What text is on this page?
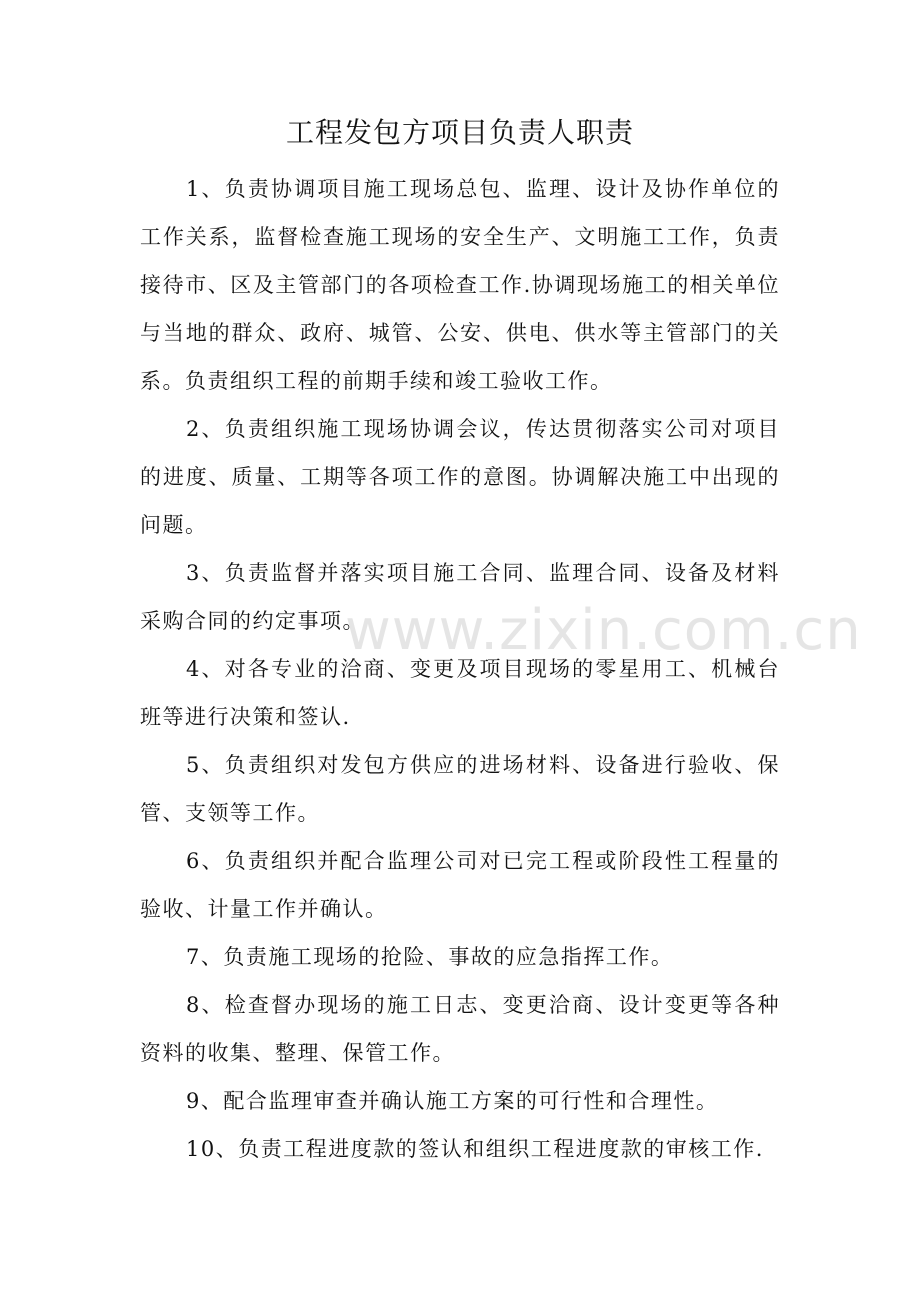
工程发包方项目负责人职责

1、负责协调项目施工现场总包、监理、设计及协作单位的工作关系，监督检查施工现场的安全生产、文明施工工作，负责接待市、区及主管部门的各项检查工作.协调现场施工的相关单位与当地的群众、政府、城管、公安、供电、供水等主管部门的关系。负责组织工程的前期手续和竣工验收工作。

2、负责组织施工现场协调会议，传达贯彻落实公司对项目的进度、质量、工期等各项工作的意图。协调解决施工中出现的问题。

3、负责监督并落实项目施工合同、监理合同、设备及材料采购合同的约定事项。

4、对各专业的洽商、变更及项目现场的零星用工、机械台班等进行决策和签认.

5、负责组织对发包方供应的进场材料、设备进行验收、保管、支领等工作。

6、负责组织并配合监理公司对已完工程或阶段性工程量的验收、计量工作并确认。

7、负责施工现场的抢险、事故的应急指挥工作。

8、检查督办现场的施工日志、变更洽商、设计变更等各种资料的收集、整理、保管工作。

9、配合监理审查并确认施工方案的可行性和合理性。

10、负责工程进度款的签认和组织工程进度款的审核工作.

www.zixin.com.cn
